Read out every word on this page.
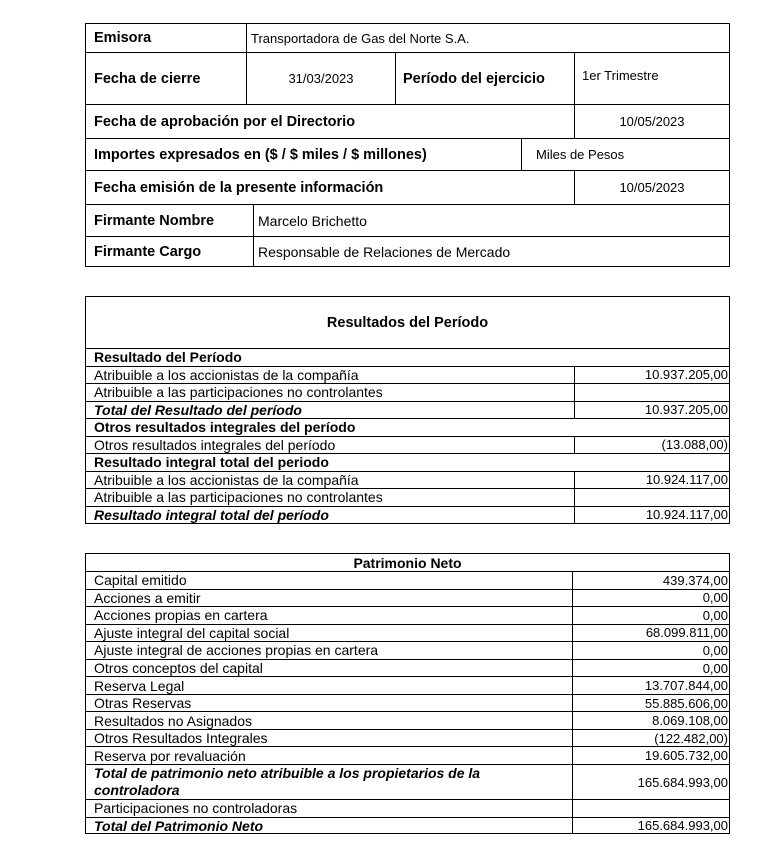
Emisora	Transportadora de Gas del Norte S.A.
Fecha de cierre	31/03/2023	Período del ejercicio	1er Trimestre
Fecha de aprobación por el Directorio	10/05/2023
Importes expresados en ($ / $ miles / $ millones)	Miles de Pesos
Fecha emisión de la presente información	10/05/2023
Firmante Nombre	Marcelo Brichetto
Firmante Cargo	Responsable de Relaciones de Mercado
Resultados del Período
Resultado del Período
Atribuible a los accionistas de la compañía	10.937.205,00
Atribuible a las participaciones no controlantes
Total del Resultado del período	10.937.205,00
Otros resultados integrales del período
Otros resultados integrales del período	(13.088,00)
Resultado integral total del periodo
Atribuible a los accionistas de la compañía	10.924.117,00
Atribuible a las participaciones no controlantes
Resultado integral total del período	10.924.117,00
Patrimonio Neto
Capital emitido	439.374,00
Acciones a emitir	0,00
Acciones propias en cartera	0,00
Ajuste integral del capital social	68.099.811,00
Ajuste integral de acciones propias en cartera	0,00
Otros conceptos del capital	0,00
Reserva Legal	13.707.844,00
Otras Reservas	55.885.606,00
Resultados no Asignados	8.069.108,00
Otros Resultados Integrales	(122.482,00)
Reserva por revaluación	19.605.732,00
Total de patrimonio neto atribuible a los propietarios de la controladora	165.684.993,00
Participaciones no controladoras
Total del Patrimonio Neto	165.684.993,00
